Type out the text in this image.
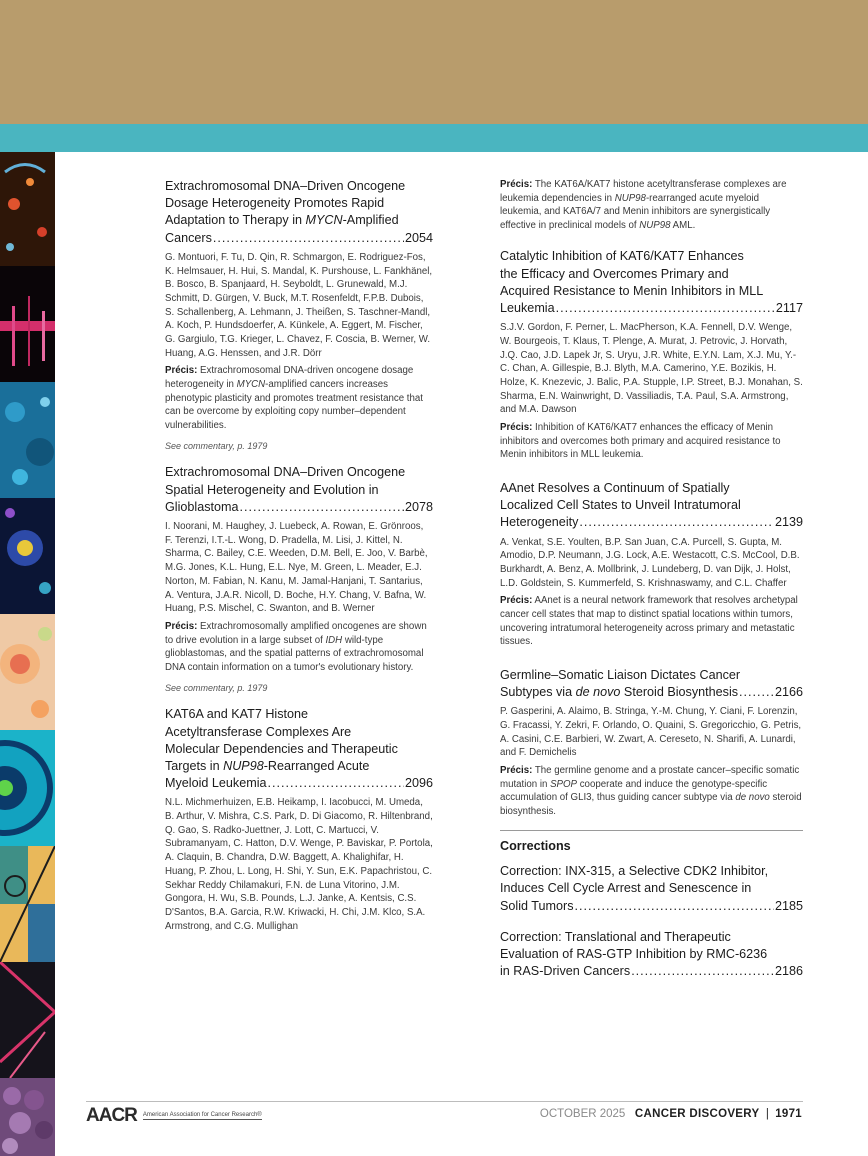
Extrachromosomal DNA–Driven Oncogene
Dosage Heterogeneity Promotes Rapid
Adaptation to Therapy in MYCN-Amplified
Cancers .....	2054

G. Montuori, F. Tu, D. Qin, R. Schmargon, E. Rodriguez-Fos, K. Helmsauer, H. Hui, S. Mandal, K. Purshouse, L. Fankhänel, B. Bosco, B. Spanjaard, H. Seyboldt, L. Grunewald, M.J. Schmitt, D. Gürgen, V. Buck, M.T. Rosenfeldt, F.P.B. Dubois, S. Schallenberg, A. Lehmann, J. Theißen, S. Taschner-Mandl, A. Koch, P. Hundsdoerfer, A. Künkele, A. Eggert, M. Fischer, G. Gargiulo, T.G. Krieger, L. Chavez, F. Coscia, B. Werner, W. Huang, A.G. Henssen, and J.R. Dörr

Précis: Extrachromosomal DNA-driven oncogene dosage heterogeneity in MYCN-amplified cancers increases phenotypic plasticity and promotes treatment resistance that can be overcome by exploiting copy number–dependent vulnerabilities.

See commentary, p. 1979
Extrachromosomal DNA–Driven Oncogene
Spatial Heterogeneity and Evolution in
Glioblastoma .....	2078

I. Noorani, M. Haughey, J. Luebeck, A. Rowan, E. Grönroos, F. Terenzi, I.T.-L. Wong, D. Pradella, M. Lisi, J. Kittel, N. Sharma, C. Bailey, C.E. Weeden, D.M. Bell, E. Joo, V. Barbè, M.G. Jones, K.L. Hung, E.L. Nye, M. Green, L. Meader, E.J. Norton, M. Fabian, N. Kanu, M. Jamal-Hanjani, T. Santarius, A. Ventura, J.A.R. Nicoll, D. Boche, H.Y. Chang, V. Bafna, W. Huang, P.S. Mischel, C. Swanton, and B. Werner

Précis: Extrachromosomally amplified oncogenes are shown to drive evolution in a large subset of IDH wild-type glioblastomas, and the spatial patterns of extrachromosomal DNA contain information on a tumor's evolutionary history.

See commentary, p. 1979
KAT6A and KAT7 Histone
Acetyltransferase Complexes Are
Molecular Dependencies and Therapeutic
Targets in NUP98-Rearranged Acute
Myeloid Leukemia .....	2096

N.L. Michmerhuizen, E.B. Heikamp, I. Iacobucci, M. Umeda, B. Arthur, V. Mishra, C.S. Park, D. Di Giacomo, R. Hiltenbrand, Q. Gao, S. Radko-Juettner, J. Lott, C. Martucci, V. Subramanyam, C. Hatton, D.V. Wenge, P. Baviskar, P. Portola, A. Claquin, B. Chandra, D.W. Baggett, A. Khalighifar, H. Huang, P. Zhou, L. Long, H. Shi, Y. Sun, E.K. Papachristou, C. Sekhar Reddy Chilamakuri, F.N. de Luna Vitorino, J.M. Gongora, H. Wu, S.B. Pounds, L.J. Janke, A. Kentsis, C.S. D'Santos, B.A. Garcia, R.W. Kriwacki, H. Chi, J.M. Klco, S.A. Armstrong, and C.G. Mullighan

Précis: The KAT6A/KAT7 histone acetyltransferase complexes are leukemia dependencies in NUP98-rearranged acute myeloid leukemia, and KAT6A/7 and Menin inhibitors are synergistically effective in preclinical models of NUP98 AML.

Catalytic Inhibition of KAT6/KAT7 Enhances
the Efficacy and Overcomes Primary and
Acquired Resistance to Menin Inhibitors in MLL
Leukemia .....	2117

S.J.V. Gordon, F. Perner, L. MacPherson, K.A. Fennell, D.V. Wenge, W. Bourgeois, T. Klaus, T. Plenge, A. Murat, J. Petrovic, J. Horvath, J.Q. Cao, J.D. Lapek Jr, S. Uryu, J.R. White, E.Y.N. Lam, X.J. Mu, Y.-C. Chan, A. Gillespie, B.J. Blyth, M.A. Camerino, Y.E. Bozikis, H. Holze, K. Knezevic, J. Balic, P.A. Stupple, I.P. Street, B.J. Monahan, S. Sharma, E.N. Wainwright, D. Vassiliadis, T.A. Paul, S.A. Armstrong, and M.A. Dawson

Précis: Inhibition of KAT6/KAT7 enhances the efficacy of Menin inhibitors and overcomes both primary and acquired resistance to Menin inhibitors in MLL leukemia.

AAnet Resolves a Continuum of Spatially
Localized Cell States to Unveil Intratumoral
Heterogeneity .....	2139

A. Venkat, S.E. Youlten, B.P. San Juan, C.A. Purcell, S. Gupta, M. Amodio, D.P. Neumann, J.G. Lock, A.E. Westacott, C.S. McCool, D.B. Burkhardt, A. Benz, A. Mollbrink, J. Lundeberg, D. van Dijk, J. Holst, L.D. Goldstein, S. Kummerfeld, S. Krishnaswamy, and C.L. Chaffer

Précis: AAnet is a neural network framework that resolves archetypal cancer cell states that map to distinct spatial locations within tumors, uncovering intratumoral heterogeneity across primary and metastatic tissues.

Germline–Somatic Liaison Dictates Cancer
Subtypes via de novo Steroid Biosynthesis .....	2166

P. Gasperini, A. Alaimo, B. Stringa, Y.-M. Chung, Y. Ciani, F. Lorenzin, G. Fracassi, Y. Zekri, F. Orlando, O. Quaini, S. Gregoricchio, G. Petris, A. Casini, C.E. Barbieri, W. Zwart, A. Cereseto, N. Sharifi, A. Lunardi, and F. Demichelis

Précis: The germline genome and a prostate cancer–specific somatic mutation in SPOP cooperate and induce the genotype-specific accumulation of GLI3, thus guiding cancer subtype via de novo steroid biosynthesis.

Corrections
Correction: INX-315, a Selective CDK2 Inhibitor,
Induces Cell Cycle Arrest and Senescence in
Solid Tumors .....	2185
Correction: Translational and Therapeutic
Evaluation of RAS-GTP Inhibition by RMC-6236
in RAS-Driven Cancers .....	2186
AACR American Association for Cancer Research®	OCTOBER 2025 CANCER DISCOVERY | 1971
